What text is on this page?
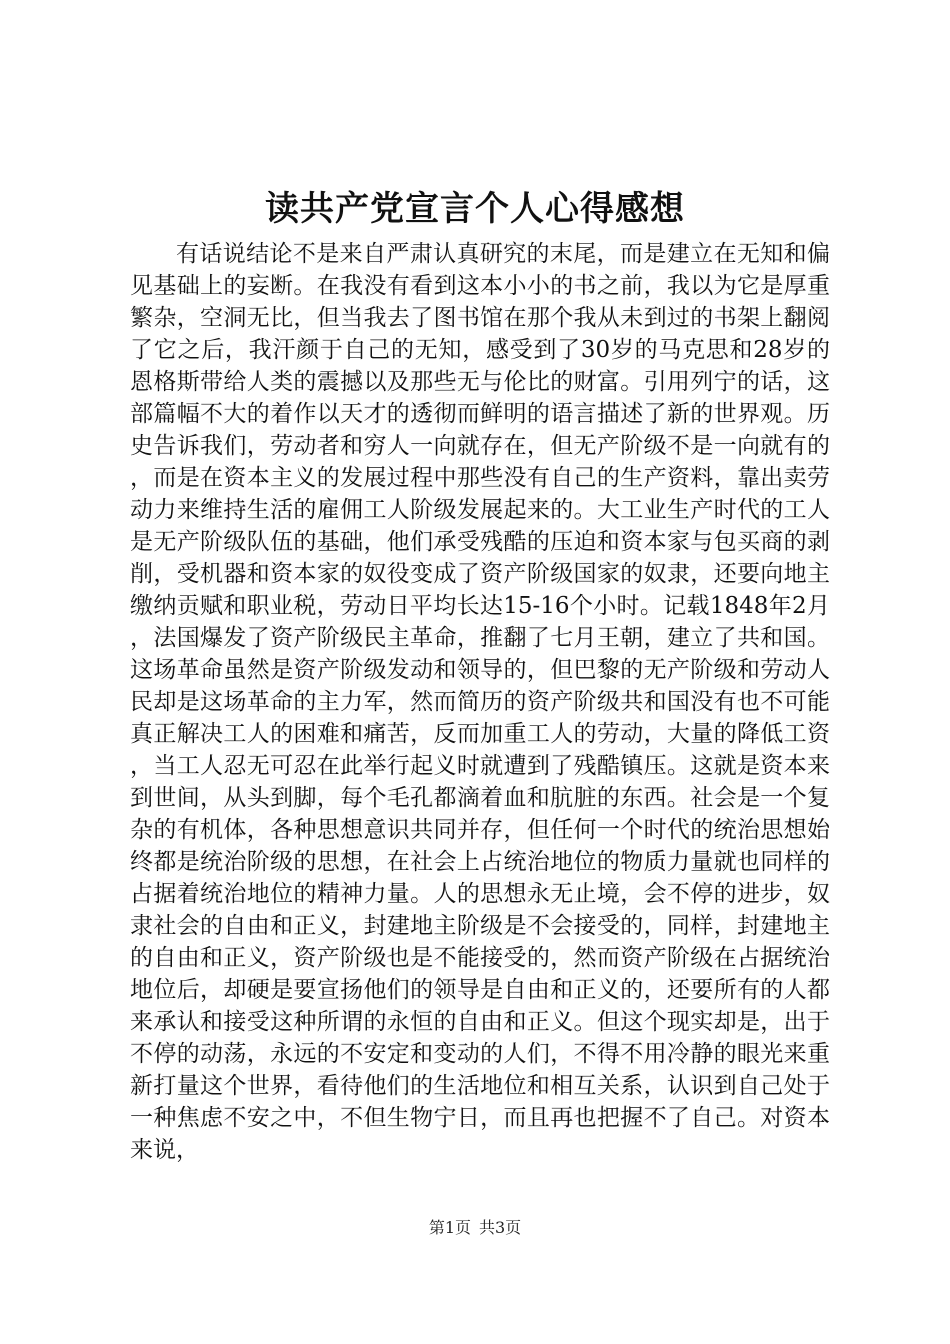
读共产党宣言个人心得感想

有话说结论不是来自严肃认真研究的末尾，而是建立在无知和偏见基础上的妄断。在我没有看到这本小小的书之前，我以为它是厚重繁杂，空洞无比，但当我去了图书馆在那个我从未到过的书架上翻阅了它之后，我汗颜于自己的无知，感受到了30岁的马克思和28岁的恩格斯带给人类的震撼以及那些无与伦比的财富。引用列宁的话，这部篇幅不大的着作以天才的透彻而鲜明的语言描述了新的世界观。历史告诉我们，劳动者和穷人一向就存在，但无产阶级不是一向就有的，而是在资本主义的发展过程中那些没有自己的生产资料，靠出卖劳动力来维持生活的雇佣工人阶级发展起来的。大工业生产时代的工人是无产阶级队伍的基础，他们承受残酷的压迫和资本家与包买商的剥削，受机器和资本家的奴役变成了资产阶级国家的奴隶，还要向地主缴纳贡赋和职业税，劳动日平均长达15-16个小时。记载1848年2月，法国爆发了资产阶级民主革命，推翻了七月王朝，建立了共和国。这场革命虽然是资产阶级发动和领导的，但巴黎的无产阶级和劳动人民却是这场革命的主力军，然而简历的资产阶级共和国没有也不可能真正解决工人的困难和痛苦，反而加重工人的劳动，大量的降低工资，当工人忍无可忍在此举行起义时就遭到了残酷镇压。这就是资本来到世间，从头到脚，每个毛孔都滴着血和肮脏的东西。社会是一个复杂的有机体，各种思想意识共同并存，但任何一个时代的统治思想始终都是统治阶级的思想，在社会上占统治地位的物质力量就也同样的占据着统治地位的精神力量。人的思想永无止境，会不停的进步，奴隶社会的自由和正义，封建地主阶级是不会接受的，同样，封建地主的自由和正义，资产阶级也是不能接受的，然而资产阶级在占据统治地位后，却硬是要宣扬他们的领导是自由和正义的，还要所有的人都来承认和接受这种所谓的永恒的自由和正义。但这个现实却是，出于不停的动荡，永远的不安定和变动的人们，不得不用冷静的眼光来重新打量这个世界，看待他们的生活地位和相互关系，认识到自己处于一种焦虑不安之中，不但生物宁日，而且再也把握不了自己。对资本来说，

第1页 共3页
